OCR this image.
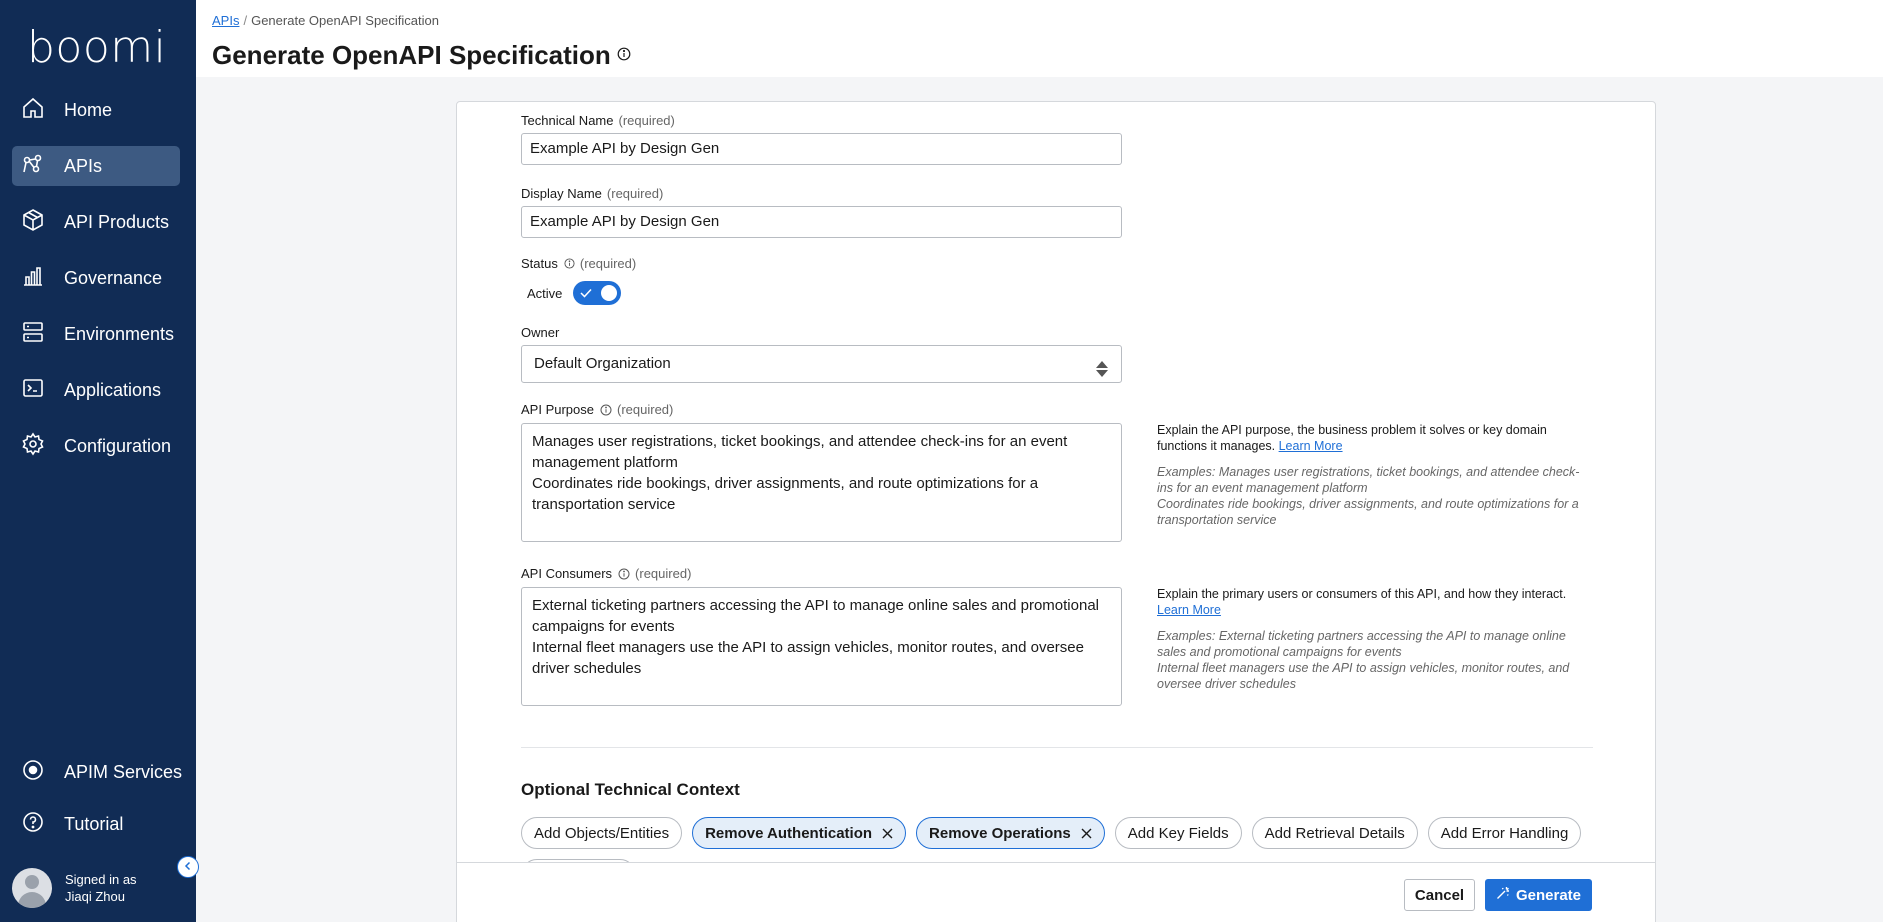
boomi
Home
APIs
API Products
Governance
Environments
Applications
Configuration
APIM Services
Tutorial
Signed in as
Jiaqi Zhou
APIs / Generate OpenAPI Specification
Generate OpenAPI Specification
Technical Name (required)
Example API by Design Gen
Display Name (required)
Example API by Design Gen
Status (required)
Active
Owner
Default Organization
API Purpose (required)
Manages user registrations, ticket bookings, and attendee check-ins for an event management platform
Coordinates ride bookings, driver assignments, and route optimizations for a transportation service
Explain the API purpose, the business problem it solves or key domain functions it manages. Learn More
Examples: Manages user registrations, ticket bookings, and attendee check-ins for an event management platform
Coordinates ride bookings, driver assignments, and route optimizations for a transportation service
API Consumers (required)
External ticketing partners accessing the API to manage online sales and promotional campaigns for events
Internal fleet managers use the API to assign vehicles, monitor routes, and oversee driver schedules
Explain the primary users or consumers of this API, and how they interact. Learn More
Examples: External ticketing partners accessing the API to manage online sales and promotional campaigns for events
Internal fleet managers use the API to assign vehicles, monitor routes, and oversee driver schedules
Optional Technical Context
Add Objects/Entities Remove Authentication	Remove Operations	Add Key Fields Add Retrieval Details Add Error Handling
Cancel	Generate
